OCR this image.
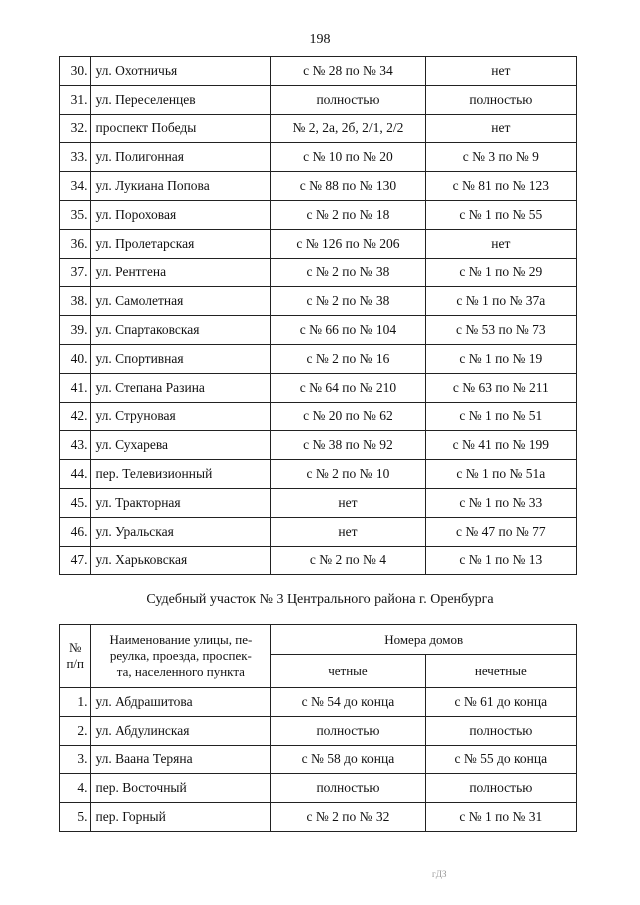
198
30.	ул. Охотничья	с № 28 по № 34	нет
31.	ул. Переселенцев	полностью	полностью
32.	проспект Победы	№ 2, 2а, 2б, 2/1, 2/2	нет
33.	ул. Полигонная	с № 10 по № 20	с № 3 по № 9
34.	ул. Лукиана Попова	с № 88 по № 130	с № 81 по № 123
35.	ул. Пороховая	с № 2 по № 18	с № 1 по № 55
36.	ул. Пролетарская	с № 126 по № 206	нет
37.	ул. Рентгена	с № 2 по № 38	с № 1 по № 29
38.	ул. Самолетная	с № 2 по № 38	с № 1 по № 37а
39.	ул. Спартаковская	с № 66 по № 104	с № 53 по № 73
40.	ул. Спортивная	с № 2 по № 16	с № 1 по № 19
41.	ул. Степана Разина	с № 64 по № 210	с № 63 по № 211
42.	ул. Струновая	с № 20 по № 62	с № 1 по № 51
43.	ул. Сухарева	с № 38 по № 92	с № 41 по № 199
44.	пер. Телевизионный	с № 2 по № 10	с № 1 по № 51а
45.	ул. Тракторная	нет	с № 1 по № 33
46.	ул. Уральская	нет	с № 47 по № 77
47.	ул. Харьковская	с № 2 по № 4	с № 1 по № 13
Судебный участок № 3 Центрального района г. Оренбурга
№
п/п	Наименование улицы, пе-
реулка, проезда, проспек-
та, населенного пункта	Номера домов	
		четные	нечетные
1.	ул. Абдрашитова	с № 54 до конца	с № 61 до конца
2.	ул. Абдулинская	полностью	полностью
3.	ул. Ваана Теряна	с № 58 до конца	с № 55 до конца
4.	пер. Восточный	полностью	полностью
5.	пер. Горный	с № 2 по № 32	с № 1 по № 31
гДЗ
